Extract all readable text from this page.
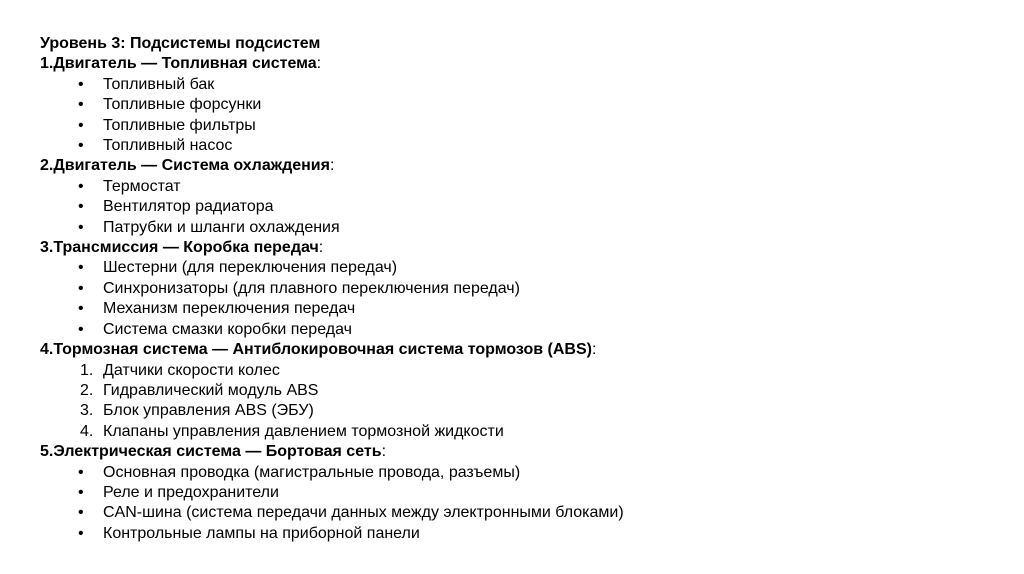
Уровень 3: Подсистемы подсистем
1.Двигатель — Топливная система:
• Топливный бак
• Топливные форсунки
• Топливные фильтры
• Топливный насос
2.Двигатель — Система охлаждения:
• Термостат
• Вентилятор радиатора
• Патрубки и шланги охлаждения
3.Трансмиссия — Коробка передач:
• Шестерни (для переключения передач)
• Синхронизаторы (для плавного переключения передач)
• Механизм переключения передач
• Система смазки коробки передач
4.Тормозная система — Антиблокировочная система тормозов (ABS):
1. Датчики скорости колес
2. Гидравлический модуль ABS
3. Блок управления ABS (ЭБУ)
4. Клапаны управления давлением тормозной жидкости
5.Электрическая система — Бортовая сеть:
• Основная проводка (магистральные провода, разъемы)
• Реле и предохранители
• CAN-шина (система передачи данных между электронными блоками)
• Контрольные лампы на приборной панели
